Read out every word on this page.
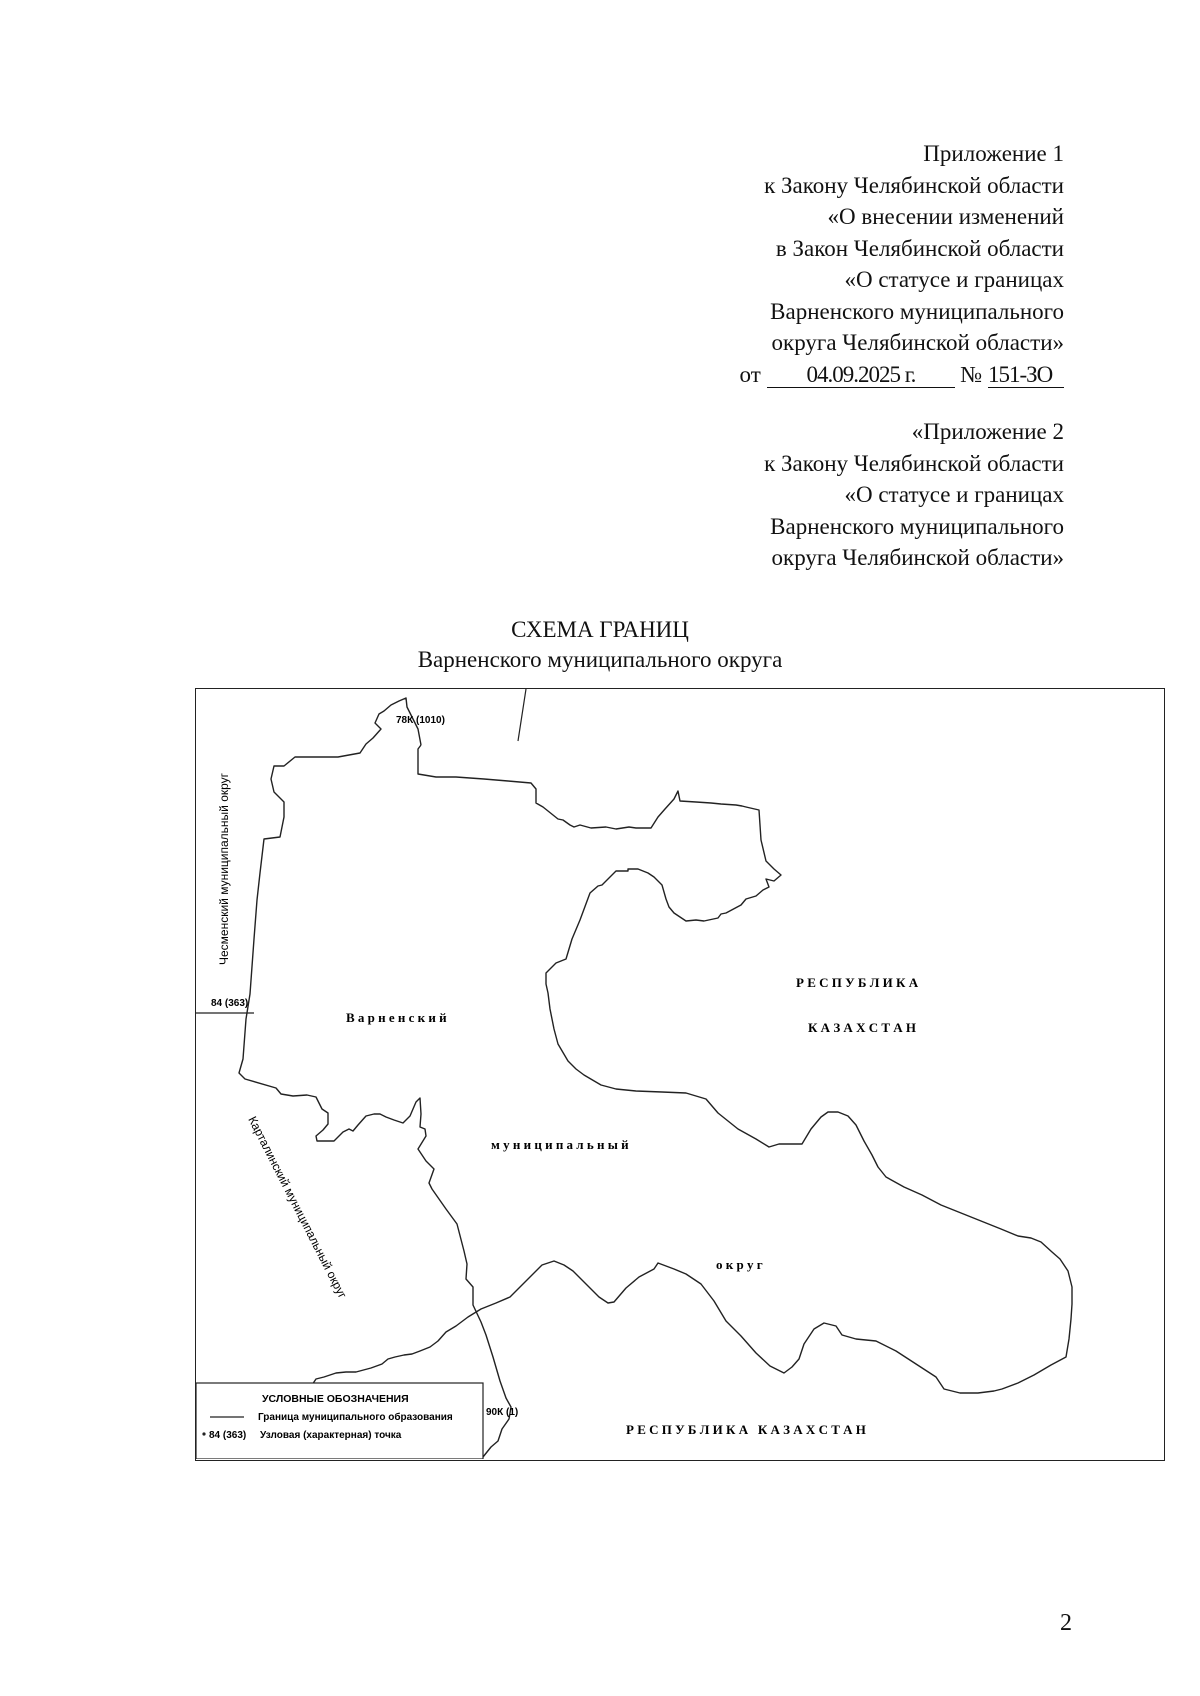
Приложение 1
к Закону Челябинской области
«О внесении изменений
в Закон Челябинской области
«О статусе и границах
Варненского муниципального
округа Челябинской области»
от 04.09.2025 г. № 151-ЗО
«Приложение 2
к Закону Челябинской области
«О статусе и границах
Варненского муниципального
округа Челябинской области»
СХЕМА ГРАНИЦ
Варненского муниципального округа
78К (1010)
84 (363)
90К (1)
В а р н е н с к и й
м у н и ц и п а л ь н ы й
о к р у г
Чесменский муниципальный округ
Карталинский муниципальный округ
Р Е С П У Б Л И К А
К А З А Х С Т А Н
Р Е С П У Б Л И К А   К А З А Х С Т А Н
УСЛОВНЫЕ ОБОЗНАЧЕНИЯ
Граница муниципального образования
84 (363) Узловая (характерная) точка
2
